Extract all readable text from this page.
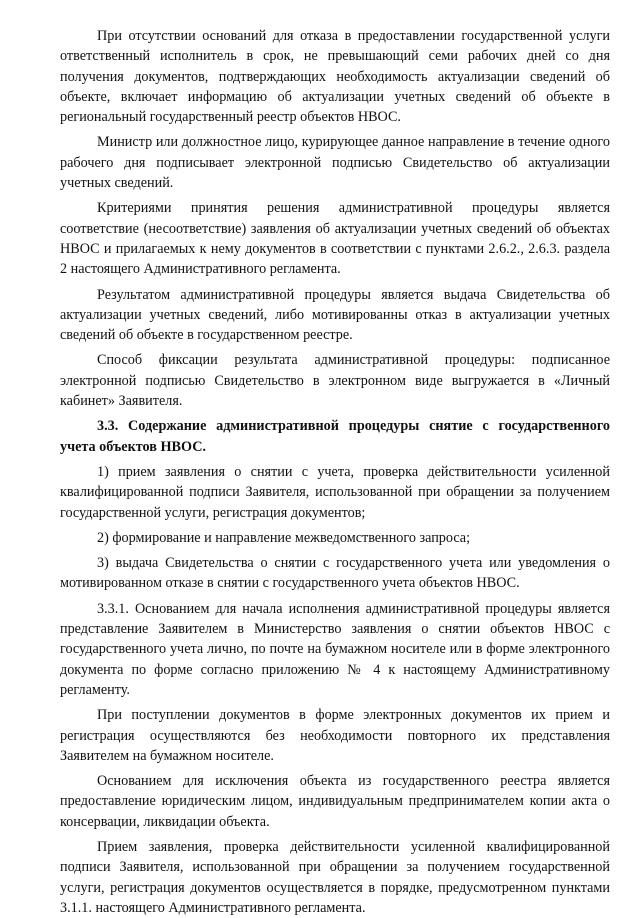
При отсутствии оснований для отказа в предоставлении государственной услуги ответственный исполнитель в срок, не превышающий семи рабочих дней со дня получения документов, подтверждающих необходимость актуализации сведений об объекте, включает информацию об актуализации учетных сведений об объекте в региональный государственный реестр объектов НВОС.

Министр или должностное лицо, курирующее данное направление в течение одного рабочего дня подписывает электронной подписью Свидетельство об актуализации учетных сведений.

Критериями принятия решения административной процедуры является соответствие (несоответствие) заявления об актуализации учетных сведений об объектах НВОС и прилагаемых к нему документов в соответствии с пунктами 2.6.2., 2.6.3. раздела 2 настоящего Административного регламента.

Результатом административной процедуры является выдача Свидетельства об актуализации учетных сведений, либо мотивированны отказ в актуализации учетных сведений об объекте в государственном реестре.

Способ фиксации результата административной процедуры: подписанное электронной подписью Свидетельство в электронном виде выгружается в «Личный кабинет» Заявителя.

3.3. Содержание административной процедуры снятие с государственного учета объектов НВОС.

1) прием заявления о снятии с учета, проверка действительности усиленной квалифицированной подписи Заявителя, использованной при обращении за получением государственной услуги, регистрация документов;

2) формирование и направление межведомственного запроса;

3) выдача Свидетельства о снятии с государственного учета или уведомления о мотивированном отказе в снятии с государственного учета объектов НВОС.

3.3.1. Основанием для начала исполнения административной процедуры является представление Заявителем в Министерство заявления о снятии объектов НВОС с государственного учета лично, по почте на бумажном носителе или в форме электронного документа по форме согласно приложению № 4 к настоящему Административному регламенту.

При поступлении документов в форме электронных документов их прием и регистрация осуществляются без необходимости повторного их представления Заявителем на бумажном носителе.

Основанием для исключения объекта из государственного реестра является предоставление юридическим лицом, индивидуальным предпринимателем копии акта о консервации, ликвидации объекта.

Прием заявления, проверка действительности усиленной квалифицированной подписи Заявителя, использованной при обращении за получением государственной услуги, регистрация документов осуществляется в порядке, предусмотренном пунктами 3.1.1. настоящего Административного регламента.
